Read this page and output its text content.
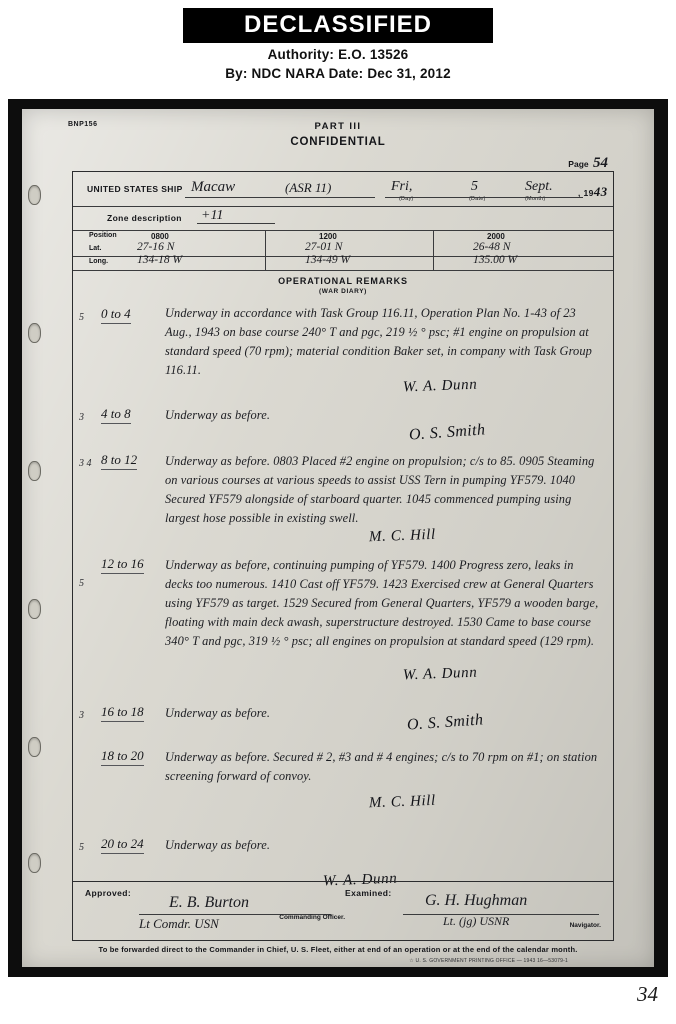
DECLASSIFIED
Authority: E.O. 13526
By: NDC NARA Date: Dec 31, 2012
BNP156	PART III
CONFIDENTIAL
Page 54
UNITED STATES SHIP Macaw	(ASR 11)	Fri,	5	Sept.	, 1943
(Day)	(Date)	(Month)
Zone description +11
Position	0800	1200	2000
Lat.	27-16 N	27-01 N	26-48 N
Long.	134-18 W	134-49 W	135.00 W
OPERATIONAL REMARKS
(WAR DIARY)
5 0 to 4	Underway in accordance with Task Group 116.11, Operation Plan No. 1-43 of 23 Aug., 1943 on base course 240° T and pgc, 219 ½ ° psc; #1 engine on propulsion at standard speed (70 rpm); material condition Baker set, in company with Task Group 116.11.
W. A. Dunn
3 4 to 8	Underway as before.
O. S. Smith
3 4 8 to 12 Underway as before. 0803 Placed #2 engine on propulsion; c/s to 85. 0905 Steaming on various courses at various speeds to assist USS Tern in pumping YF579. 1040 Secured YF579 alongside of starboard quarter. 1045 commenced pumping using largest hose possible in existing swell.
M. C. Hill
5
12 to 16 Underway as before, continuing pumping of YF579. 1400 Progress zero, leaks in decks too numerous. 1410 Cast off YF579. 1423 Exercised crew at General Quarters using YF579 as target. 1529 Secured from General Quarters, YF579 a wooden barge, floating with main deck awash, superstructure destroyed. 1530 Came to base course 340° T and pgc, 319 ½ ° psc; all engines on propulsion at standard speed (129 rpm).
W. A. Dunn
3 16 to 18 Underway as before.	O. S. Smith
18 to 20 Underway as before. Secured # 2, #3 and # 4 engines; c/s to 70 rpm on #1; on station screening forward of convoy.
M. C. Hill
5 20 to 24 Underway as before.
W. A. Dunn
Approved:	Examined:
E. B. Burton
Lt Comdr. USN
G. H. Hughman
Lt. (jg) USNR
Commanding Officer.
Navigator.
To be forwarded direct to the Commander in Chief, U. S. Fleet, either at end of an operation or at the end of the calendar month.
☆ U. S. GOVERNMENT PRINTING OFFICE — 1943 16—53079-1
34
